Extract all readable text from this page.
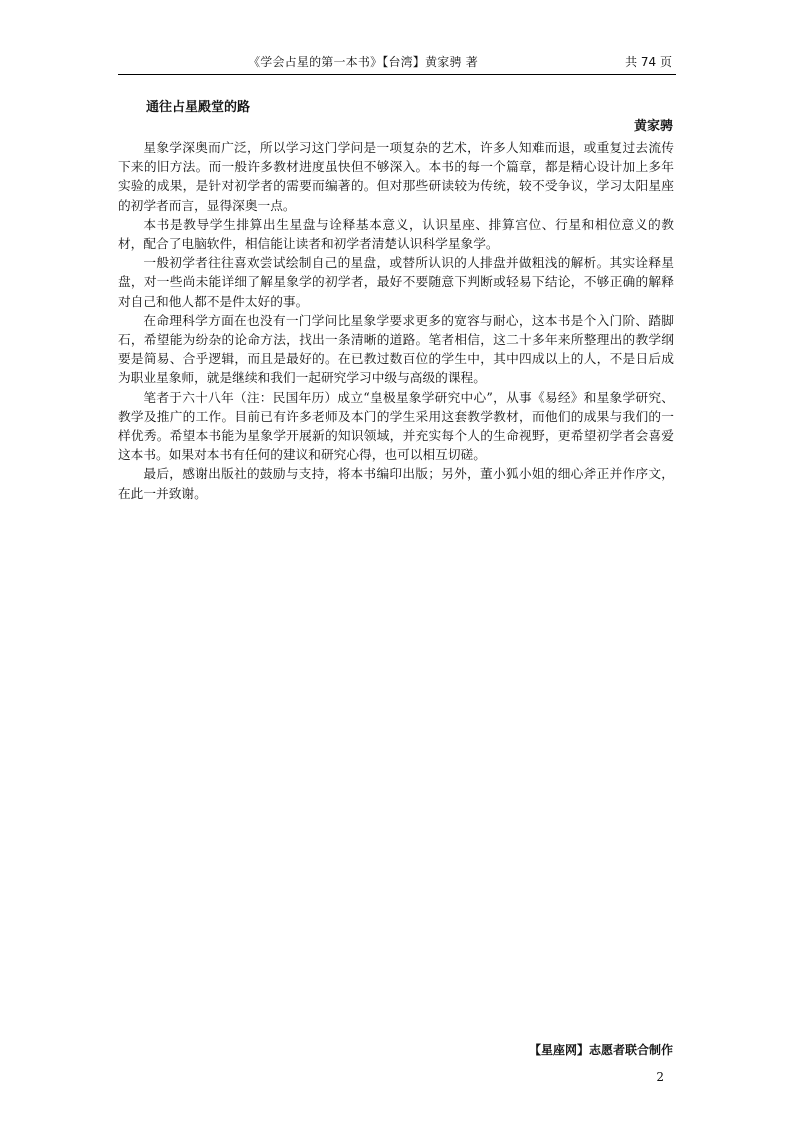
《学会占星的第一本书》【台湾】黄家骋 著	共 74 页
通往占星殿堂的路
黄家骋

星象学深奥而广泛，所以学习这门学问是一项复杂的艺术，许多人知难而退，或重复过去流传下来的旧方法。而一般许多教材进度虽快但不够深入。本书的每一个篇章，都是精心设计加上多年实验的成果，是针对初学者的需要而编著的。但对那些研读较为传统，较不受争议，学习太阳星座的初学者而言，显得深奥一点。

本书是教导学生排算出生星盘与诠释基本意义，认识星座、排算宫位、行星和相位意义的教材，配合了电脑软件，相信能让读者和初学者清楚认识科学星象学。

一般初学者往往喜欢尝试绘制自己的星盘，或替所认识的人排盘并做粗浅的解析。其实诠释星盘，对一些尚未能详细了解星象学的初学者，最好不要随意下判断或轻易下结论，不够正确的解释对自己和他人都不是件太好的事。

在命理科学方面在也没有一门学问比星象学要求更多的宽容与耐心，这本书是个入门阶、踏脚石，希望能为纷杂的论命方法，找出一条清晰的道路。笔者相信，这二十多年来所整理出的教学纲要是简易、合乎逻辑，而且是最好的。在已教过数百位的学生中，其中四成以上的人，不是日后成为职业星象师，就是继续和我们一起研究学习中级与高级的课程。

笔者于六十八年（注：民国年历）成立“皇极星象学研究中心”，从事《易经》和星象学研究、教学及推广的工作。目前已有许多老师及本门的学生采用这套教学教材，而他们的成果与我们的一样优秀。希望本书能为星象学开展新的知识领域，并充实每个人的生命视野，更希望初学者会喜爱这本书。如果对本书有任何的建议和研究心得，也可以相互切磋。

最后，感谢出版社的鼓励与支持，将本书编印出版；另外，董小狐小姐的细心斧正并作序文，在此一并致谢。

【星座网】志愿者联合制作
2
